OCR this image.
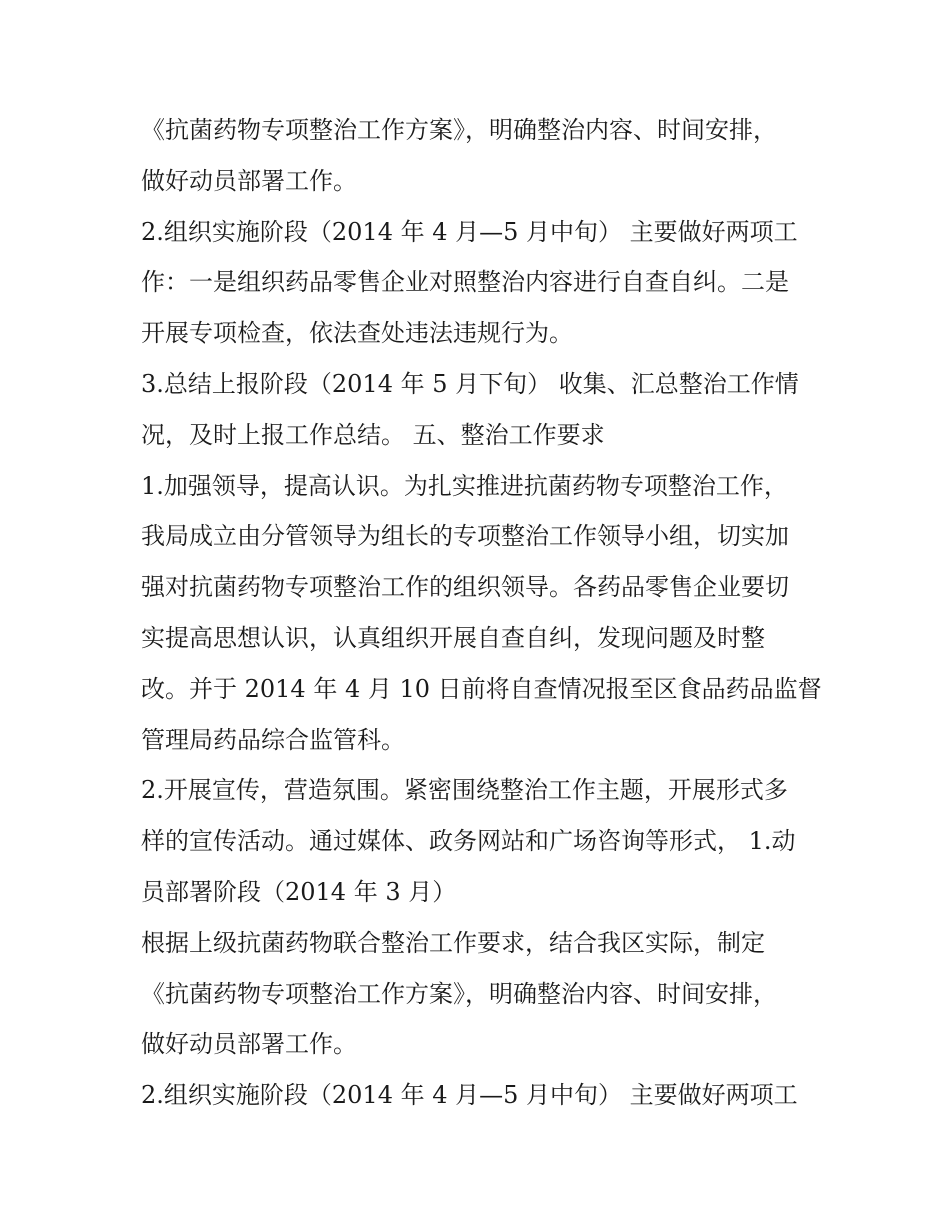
《抗菌药物专项整治工作方案》，明确整治内容、时间安排，
做好动员部署工作。
2.组织实施阶段（2014 年 4 月—5 月中旬） 主要做好两项工
作：一是组织药品零售企业对照整治内容进行自查自纠。二是
开展专项检查，依法查处违法违规行为。
3.总结上报阶段（2014 年 5 月下旬） 收集、汇总整治工作情
况，及时上报工作总结。 五、整治工作要求
1.加强领导，提高认识。为扎实推进抗菌药物专项整治工作，
我局成立由分管领导为组长的专项整治工作领导小组，切实加
强对抗菌药物专项整治工作的组织领导。各药品零售企业要切
实提高思想认识，认真组织开展自查自纠，发现问题及时整
改。并于 2014 年 4 月 10 日前将自查情况报至区食品药品监督
管理局药品综合监管科。
2.开展宣传，营造氛围。紧密围绕整治工作主题，开展形式多
样的宣传活动。通过媒体、政务网站和广场咨询等形式， 1.动
员部署阶段（2014 年 3 月）
根据上级抗菌药物联合整治工作要求，结合我区实际，制定
《抗菌药物专项整治工作方案》，明确整治内容、时间安排，
做好动员部署工作。
2.组织实施阶段（2014 年 4 月—5 月中旬） 主要做好两项工
